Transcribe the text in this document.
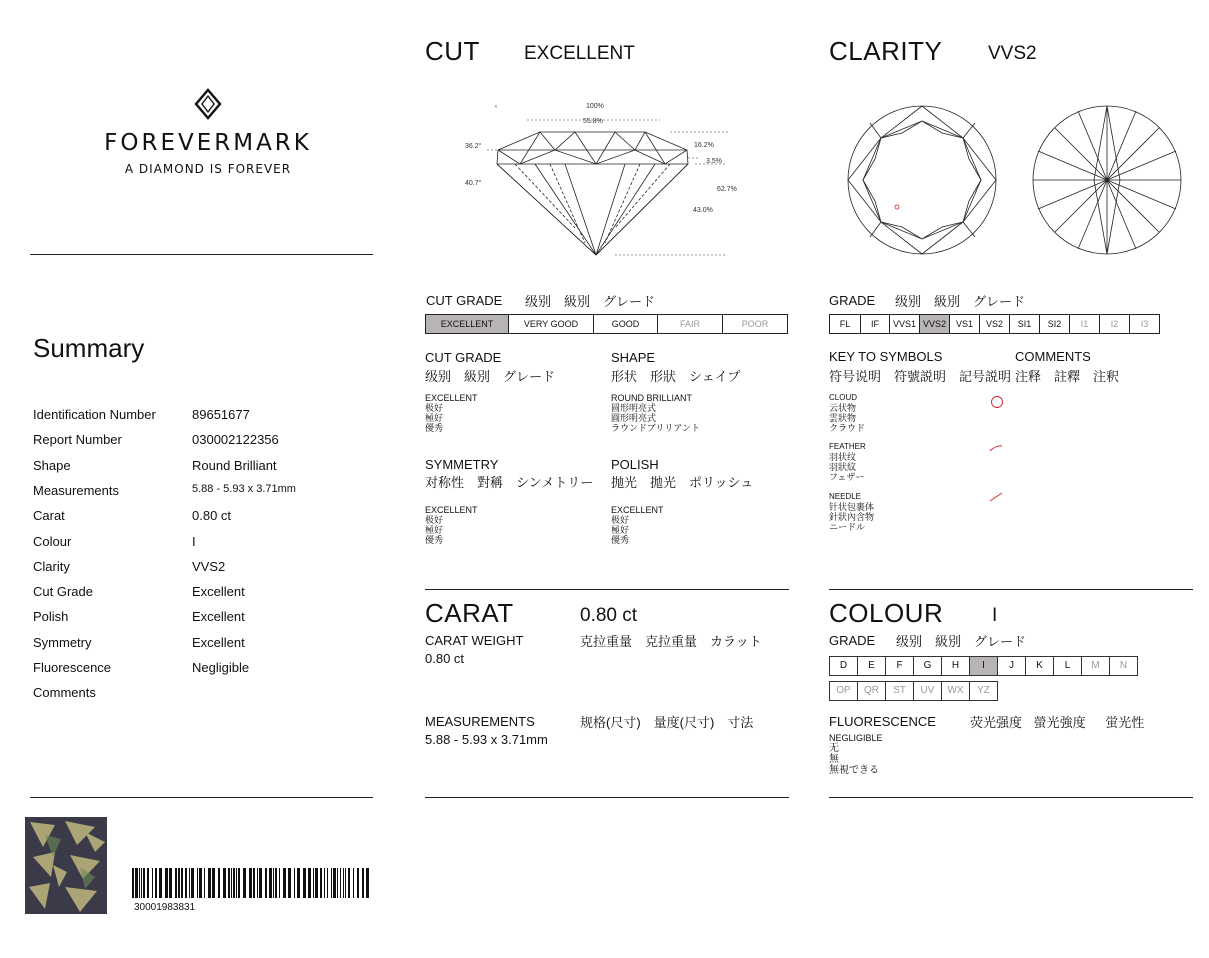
FOREVERMARK
A DIAMOND IS FOREVER
Summary
Identification Number	89651677
Report Number	030002122356
Shape	Round Brilliant
Measurements	5.88 - 5.93 x 3.71mm
Carat	0.80 ct
Colour	I
Clarity	VVS2
Cut Grade	Excellent
Polish	Excellent
Symmetry	Excellent
Fluorescence	Negligible
Comments
30001983831
CUT EXCELLENT
‹	100%
55.8%
16.2%
3.5%
62.7%
43.0%
36.2°
40.7°
CUT GRADE 级别　級別　グレード
EXCELLENT	VERY GOOD	GOOD	FAIR	POOR
CUT GRADE
级别　級別　グレード
EXCELLENT
极好
極好
優秀
SHAPE
形状　形狀　シェイプ
ROUND BRILLIANT
圆形明亮式
圓形明亮式
ラウンドブリリアント
SYMMETRY
对称性　對稱　シンメトリー
EXCELLENT
极好
極好
優秀
POLISH
抛光　拋光　ポリッシュ
EXCELLENT
极好
極好
優秀
CLARITY VVS2
GRADE 级别　級別　グレード
FL	IF	VVS1 VVS2	VS1	VS2	SI1	SI2	I1	I2	I3
KEY TO SYMBOLS
符号说明　符號説明　記号説明
COMMENTS
注释　註釋　注釈
CLOUD
云状物
雲狀物
クラウド
FEATHER
羽状纹
羽狀紋
フェザー
NEEDLE
针状包裹体
針狀內含物
ニードル
CARAT	0.80 ct
CARAT WEIGHT	克拉重量　克拉重量　カラット
0.80 ct
MEASUREMENTS	规格(尺寸)　量度(尺寸)　寸法
5.88 - 5.93 x 3.71mm
COLOUR	I
GRADE 级别　級別　グレード
D	E	F	G	H	I	J	K	L	M	N
OP	QR	ST	UV	WX	YZ
FLUORESCENCE	荧光强度 螢光強度 蛍光性
NEGLIGIBLE
无
無
無視できる
